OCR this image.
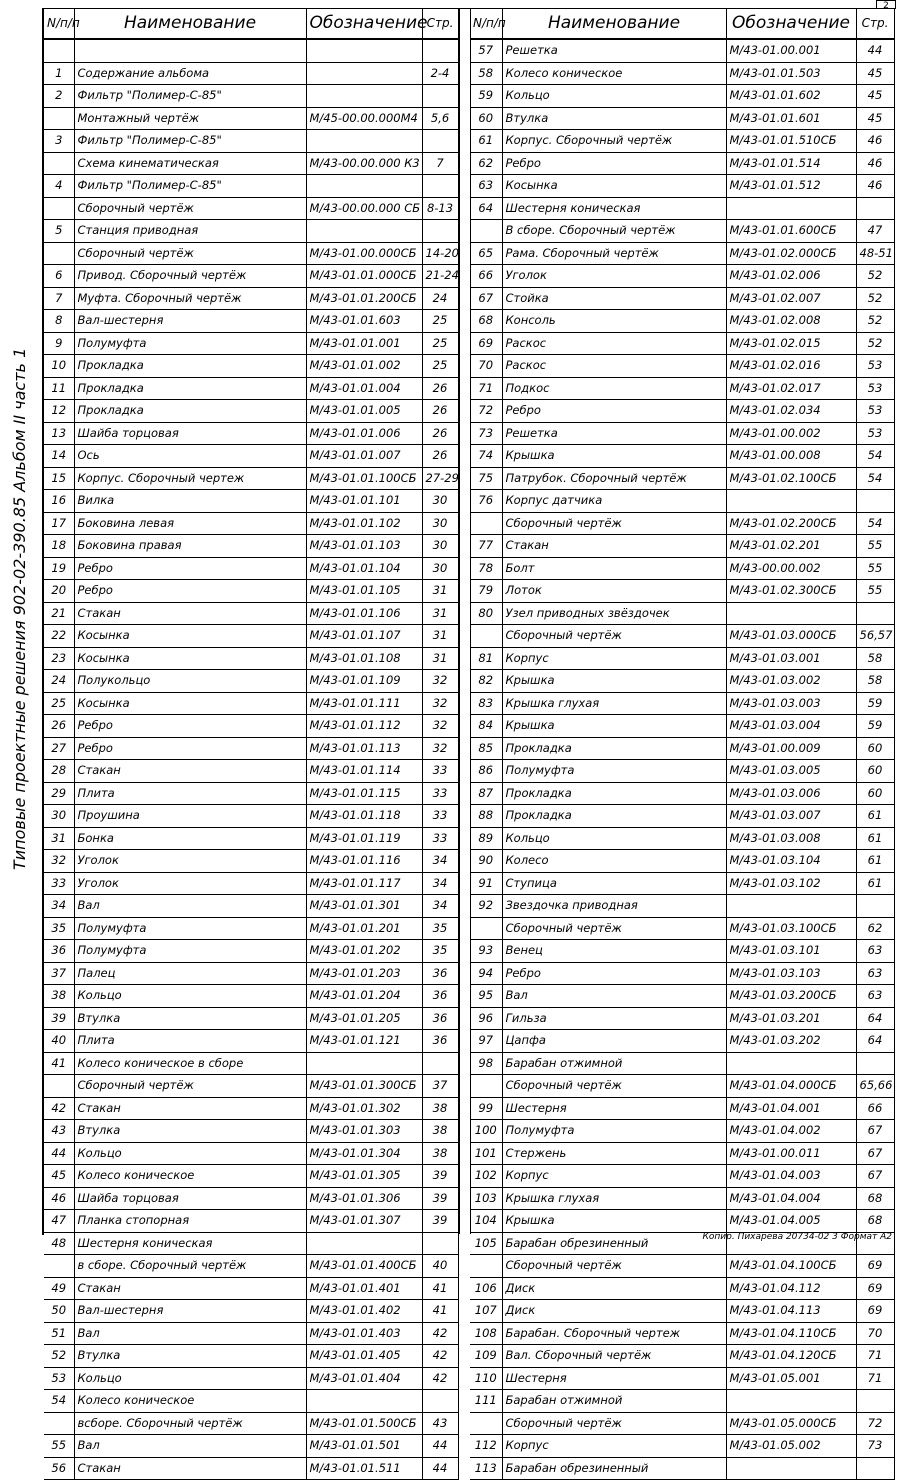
2
Типовые проектные решения 902-02-390.85 Альбом II часть 1
N/п/п	Наименование	Обозначение	Стр.

1	Содержание альбома		2-4
2	Фильтр "Полимер-С-85"		
	Монтажный чертёж	М/45-00.00.000М4	5,6
3	Фильтр "Полимер-С-85"		
	Схема кинематическая	М/43-00.00.000 К3	7
4	Фильтр "Полимер-С-85"		
	Сборочный чертёж	М/43-00.00.000 СБ	8-13
5	Станция приводная		
	Сборочный чертёж	М/43-01.00.000СБ	14-20
6	Привод. Сборочный чертёж	М/43-01.01.000СБ	21-24
7	Муфта. Сборочный чертёж	М/43-01.01.200СБ	24
8	Вал-шестерня	М/43-01.01.603	25
9	Полумуфта	М/43-01.01.001	25
10	Прокладка	М/43-01.01.002	25
11	Прокладка	М/43-01.01.004	26
12	Прокладка	М/43-01.01.005	26
13	Шайба торцовая	М/43-01.01.006	26
14	Ось	М/43-01.01.007	26
15	Корпус. Сборочный чертеж	М/43-01.01.100СБ	27-29
16	Вилка	М/43-01.01.101	30
17	Боковина левая	М/43-01.01.102	30
18	Боковина правая	М/43-01.01.103	30
19	Ребро	М/43-01.01.104	30
20	Ребро	М/43-01.01.105	31
21	Стакан	М/43-01.01.106	31
22	Косынка	М/43-01.01.107	31
23	Косынка	М/43-01.01.108	31
24	Полукольцо	М/43-01.01.109	32
25	Косынка	М/43-01.01.111	32
26	Ребро	М/43-01.01.112	32
27	Ребро	М/43-01.01.113	32
28	Стакан	М/43-01.01.114	33
29	Плита	М/43-01.01.115	33
30	Проушина	М/43-01.01.118	33
31	Бонка	М/43-01.01.119	33
32	Уголок	М/43-01.01.116	34
33	Уголок	М/43-01.01.117	34
34	Вал	М/43-01.01.301	34
35	Полумуфта	М/43-01.01.201	35
36	Полумуфта	М/43-01.01.202	35
37	Палец	М/43-01.01.203	36
38	Кольцо	М/43-01.01.204	36
39	Втулка	М/43-01.01.205	36
40	Плита	М/43-01.01.121	36
41	Колесо коническое в сборе		
	Сборочный чертёж	М/43-01.01.300СБ	37
42	Стакан	М/43-01.01.302	38
43	Втулка	М/43-01.01.303	38
44	Кольцо	М/43-01.01.304	38
45	Колесо коническое	М/43-01.01.305	39
46	Шайба торцовая	М/43-01.01.306	39
47	Планка стопорная	М/43-01.01.307	39
48	Шестерня коническая		
	в сборе. Сборочный чертёж	М/43-01.01.400СБ	40
49	Стакан	М/43-01.01.401	41
50	Вал-шестерня	М/43-01.01.402	41
51	Вал	М/43-01.01.403	42
52	Втулка	М/43-01.01.405	42
53	Кольцо	М/43-01.01.404	42
54	Колесо коническое		
	всборе. Сборочный чертёж	М/43-01.01.500СБ	43
55	Вал	М/43-01.01.501	44
56	Стакан	М/43-01.01.511	44
N/п/п	Наименование	Обозначение	Стр.
57	Решетка	М/43-01.00.001	44
58	Колесо коническое	М/43-01.01.503	45
59	Кольцо	М/43-01.01.602	45
60	Втулка	М/43-01.01.601	45
61	Корпус. Сборочный чертёж	М/43-01.01.510СБ	46
62	Ребро	М/43-01.01.514	46
63	Косынка	М/43-01.01.512	46
64	Шестерня коническая		
	В сборе. Сборочный чертёж	М/43-01.01.600СБ	47
65	Рама. Сборочный чертёж	М/43-01.02.000СБ	48-51
66	Уголок	М/43-01.02.006	52
67	Стойка	М/43-01.02.007	52
68	Консоль	М/43-01.02.008	52
69	Раскос	М/43-01.02.015	52
70	Раскос	М/43-01.02.016	53
71	Подкос	М/43-01.02.017	53
72	Ребро	М/43-01.02.034	53
73	Решетка	М/43-01.00.002	53
74	Крышка	М/43-01.00.008	54
75	Патрубок. Сборочный чертёж	М/43-01.02.100СБ	54
76	Корпус датчика		
	Сборочный чертёж	М/43-01.02.200СБ	54
77	Стакан	М/43-01.02.201	55
78	Болт	М/43-00.00.002	55
79	Лоток	М/43-01.02.300СБ	55
80	Узел приводных звёздочек		
	Сборочный чертёж	М/43-01.03.000СБ	56,57
81	Корпус	М/43-01.03.001	58
82	Крышка	М/43-01.03.002	58
83	Крышка глухая	М/43-01.03.003	59
84	Крышка	М/43-01.03.004	59
85	Прокладка	М/43-01.00.009	60
86	Полумуфта	М/43-01.03.005	60
87	Прокладка	М/43-01.03.006	60
88	Прокладка	М/43-01.03.007	61
89	Кольцо	М/43-01.03.008	61
90	Колесо	М/43-01.03.104	61
91	Ступица	М/43-01.03.102	61
92	Звездочка приводная		
	Сборочный чертёж	М/43-01.03.100СБ	62
93	Венец	М/43-01.03.101	63
94	Ребро	М/43-01.03.103	63
95	Вал	М/43-01.03.200СБ	63
96	Гильза	М/43-01.03.201	64
97	Цапфа	М/43-01.03.202	64
98	Барабан отжимной		
	Сборочный чертёж	М/43-01.04.000СБ	65,66
99	Шестерня	М/43-01.04.001	66
100	Полумуфта	М/43-01.04.002	67
101	Стержень	М/43-01.00.011	67
102	Корпус	М/43-01.04.003	67
103	Крышка глухая	М/43-01.04.004	68
104	Крышка	М/43-01.04.005	68
105	Барабан обрезиненный		
	Сборочный чертёж	М/43-01.04.100СБ	69
106	Диск	М/43-01.04.112	69
107	Диск	М/43-01.04.113	69
108	Барабан. Сборочный чертеж	М/43-01.04.110СБ	70
109	Вал. Сборочный чертёж	М/43-01.04.120СБ	71
110	Шестерня	М/43-01.05.001	71
111	Барабан отжимной		
	Сборочный чертёж	М/43-01.05.000СБ	72
112	Корпус	М/43-01.05.002	73
113	Барабан обрезиненный		
Копир. Пихарева 20734-02 3 Формат А2
